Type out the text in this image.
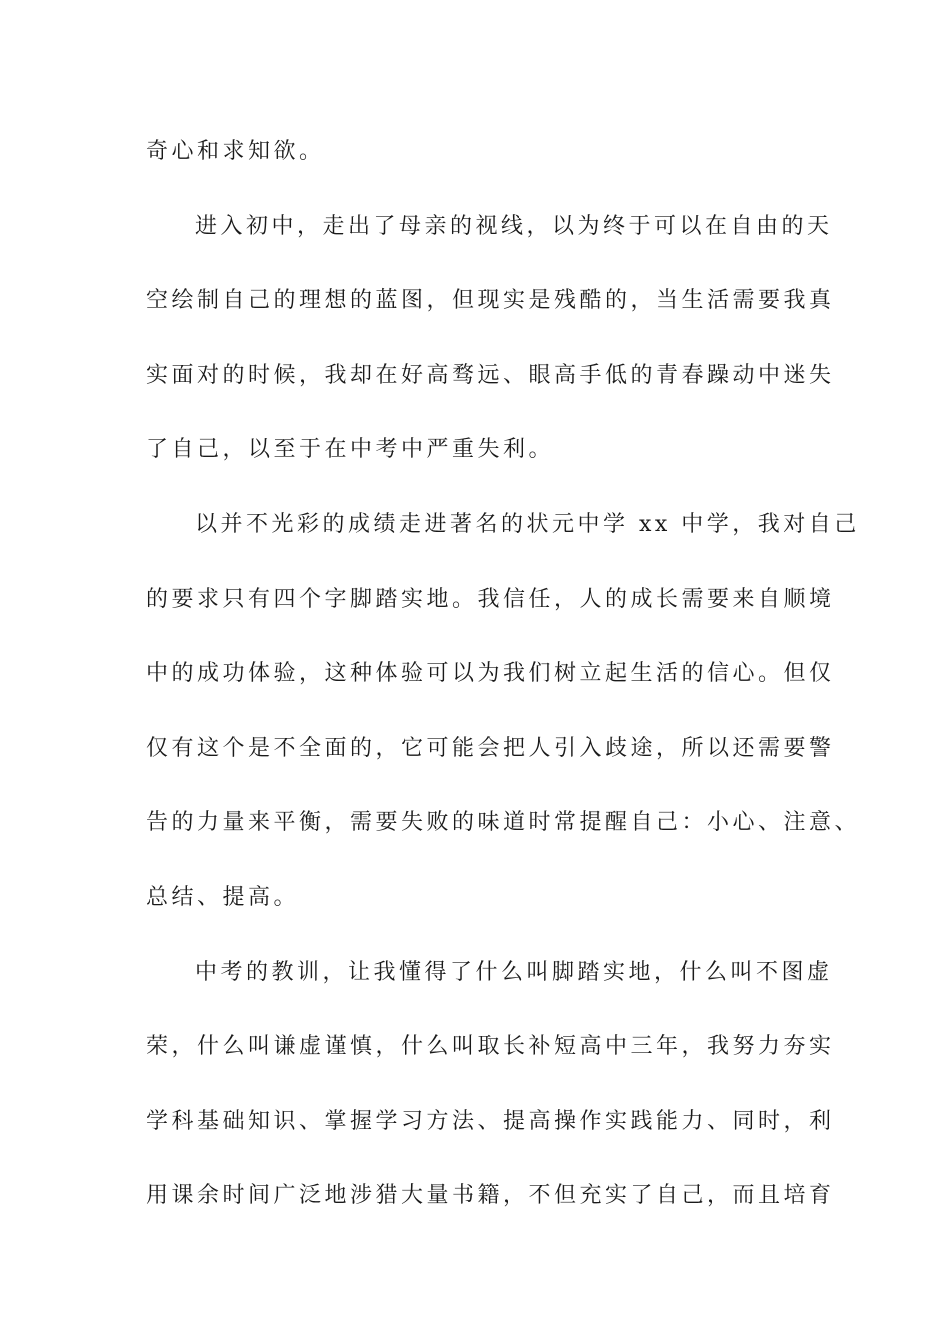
奇心和求知欲。
进入初中，走出了母亲的视线，以为终于可以在自由的天
空绘制自己的理想的蓝图，但现实是残酷的，当生活需要我真
实面对的时候，我却在好高骛远、眼高手低的青春躁动中迷失
了自己，以至于在中考中严重失利。
以并不光彩的成绩走进著名的状元中学 xx 中学，我对自己
的要求只有四个字脚踏实地。我信任，人的成长需要来自顺境
中的成功体验，这种体验可以为我们树立起生活的信心。但仅
仅有这个是不全面的，它可能会把人引入歧途，所以还需要警
告的力量来平衡，需要失败的味道时常提醒自己：小心、注意、
总结、提高。
中考的教训，让我懂得了什么叫脚踏实地，什么叫不图虚
荣，什么叫谦虚谨慎，什么叫取长补短高中三年，我努力夯实
学科基础知识、掌握学习方法、提高操作实践能力、同时，利
用课余时间广泛地涉猎大量书籍，不但充实了自己，而且培育
